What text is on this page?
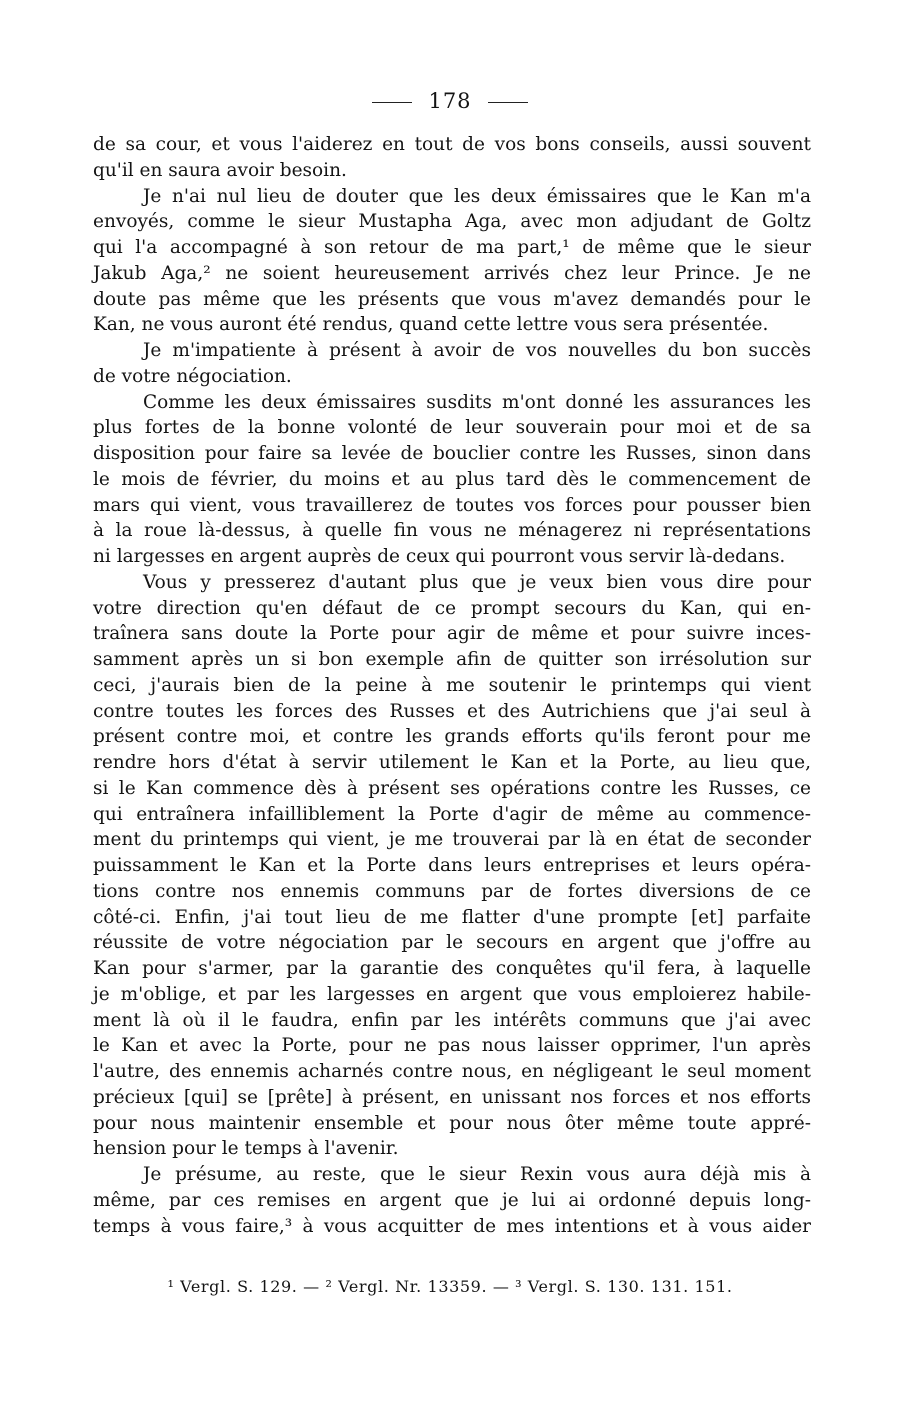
178
de sa cour, et vous l'aiderez en tout de vos bons conseils, aussi souvent
qu'il en saura avoir besoin.
Je n'ai nul lieu de douter que les deux émissaires que le Kan m'a
envoyés, comme le sieur Mustapha Aga, avec mon adjudant de Goltz
qui l'a accompagné à son retour de ma part,¹ de même que le sieur
Jakub Aga,² ne soient heureusement arrivés chez leur Prince. Je ne
doute pas même que les présents que vous m'avez demandés pour le
Kan, ne vous auront été rendus, quand cette lettre vous sera présentée.
Je m'impatiente à présent à avoir de vos nouvelles du bon succès
de votre négociation.
Comme les deux émissaires susdits m'ont donné les assurances les
plus fortes de la bonne volonté de leur souverain pour moi et de sa
disposition pour faire sa levée de bouclier contre les Russes, sinon dans
le mois de février, du moins et au plus tard dès le commencement de
mars qui vient, vous travaillerez de toutes vos forces pour pousser bien
à la roue là-dessus, à quelle fin vous ne ménagerez ni représentations
ni largesses en argent auprès de ceux qui pourront vous servir là-dedans.
Vous y presserez d'autant plus que je veux bien vous dire pour
votre direction qu'en défaut de ce prompt secours du Kan, qui en-
traînera sans doute la Porte pour agir de même et pour suivre inces-
samment après un si bon exemple afin de quitter son irrésolution sur
ceci, j'aurais bien de la peine à me soutenir le printemps qui vient
contre toutes les forces des Russes et des Autrichiens que j'ai seul à
présent contre moi, et contre les grands efforts qu'ils feront pour me
rendre hors d'état à servir utilement le Kan et la Porte, au lieu que,
si le Kan commence dès à présent ses opérations contre les Russes, ce
qui entraînera infailliblement la Porte d'agir de même au commence-
ment du printemps qui vient, je me trouverai par là en état de seconder
puissamment le Kan et la Porte dans leurs entreprises et leurs opéra-
tions contre nos ennemis communs par de fortes diversions de ce
côté-ci. Enfin, j'ai tout lieu de me flatter d'une prompte [et] parfaite
réussite de votre négociation par le secours en argent que j'offre au
Kan pour s'armer, par la garantie des conquêtes qu'il fera, à laquelle
je m'oblige, et par les largesses en argent que vous emploierez habile-
ment là où il le faudra, enfin par les intérêts communs que j'ai avec
le Kan et avec la Porte, pour ne pas nous laisser opprimer, l'un après
l'autre, des ennemis acharnés contre nous, en négligeant le seul moment
précieux [qui] se [prête] à présent, en unissant nos forces et nos efforts
pour nous maintenir ensemble et pour nous ôter même toute appré-
hension pour le temps à l'avenir.
Je présume, au reste, que le sieur Rexin vous aura déjà mis à
même, par ces remises en argent que je lui ai ordonné depuis long-
temps à vous faire,³ à vous acquitter de mes intentions et à vous aider
¹ Vergl. S. 129. — ² Vergl. Nr. 13359. — ³ Vergl. S. 130. 131. 151.
